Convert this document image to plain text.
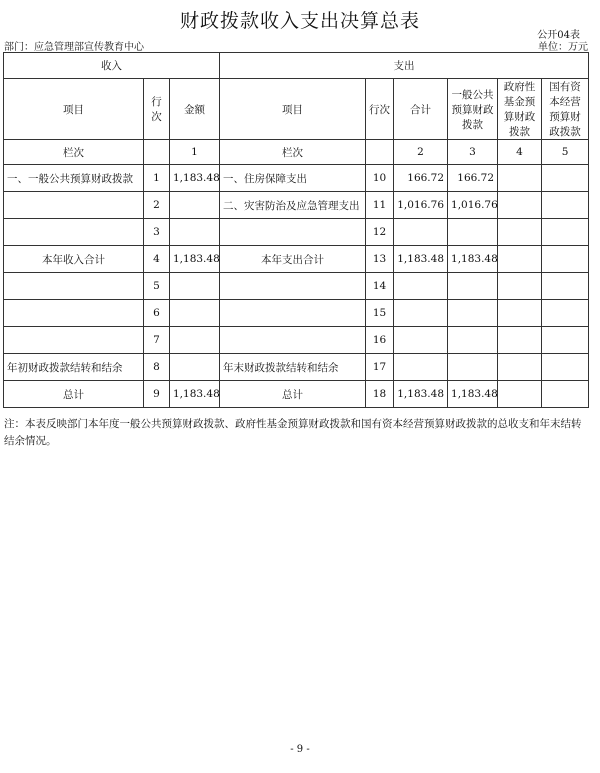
财政拨款收入支出决算总表
公开04表
部门：应急管理部宣传教育中心	单位：万元
收入			支出					
项目	行次	金额	项目	行次	合计	一般公共预算财政拨款	政府性基金预算财政拨款	国有资本经营预算财政拨款
栏次		1	栏次		2	3	4	5
一、一般公共预算财政拨款	1	1,183.48	一、住房保障支出	10	166.72	166.72		
	2		二、灾害防治及应急管理支出	11	1,016.76	1,016.76		
	3			12				
本年收入合计	4	1,183.48	本年支出合计	13	1,183.48	1,183.48		
	5			14				
	6			15				
	7			16				
年初财政拨款结转和结余	8		年末财政拨款结转和结余	17				
总计	9	1,183.48	总计	18	1,183.48	1,183.48		
注：本表反映部门本年度一般公共预算财政拨款、政府性基金预算财政拨款和国有资本经营预算财政拨款的总收支和年末结转结余情况。
- 9 -
